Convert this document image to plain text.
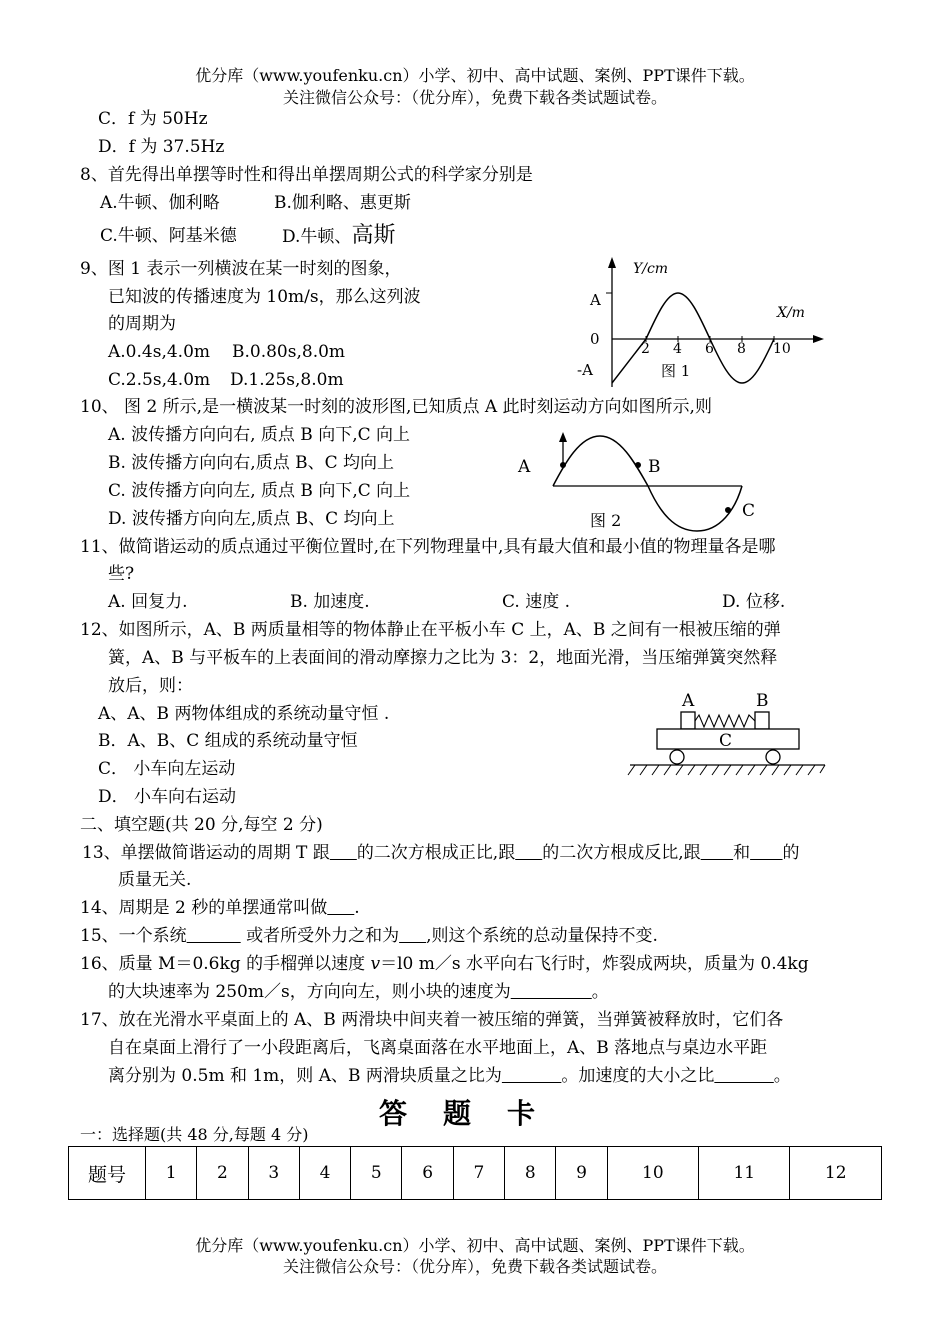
优分库（www.youfenku.cn）小学、初中、高中试题、案例、PPT课件下载。
关注微信公众号：（优分库），免费下载各类试题试卷。
C．f 为 50Hz
D．f 为 37.5Hz
8、首先得出单摆等时性和得出单摆周期公式的科学家分别是
A.牛顿、伽利略	B.伽利略、惠更斯
C.牛顿、阿基米德	D.牛顿、高斯
9、图 1 表示一列横波在某一时刻的图象，
已知波的传播速度为 10m/s，那么这列波
的周期为
A.0.4s,4.0m B.0.80s,8.0m
C.2.5s,4.0m D.1.25s,8.0m
Y/cm
X/m
A
0
-A
2 4 6 8 10
图 1
10、 图 2 所示,是一横波某一时刻的波形图,已知质点 A 此时刻运动方向如图所示,则
A. 波传播方向向右, 质点 B 向下,C 向上
B. 波传播方向向右,质点 B、C 均向上
C. 波传播方向向左, 质点 B 向下,C 向上
D. 波传播方向向左,质点 B、C 均向上
A	B
C
图 2
11、做简谐运动的质点通过平衡位置时,在下列物理量中,具有最大值和最小值的物理量各是哪
些?
A. 回复力.	B. 加速度.	C. 速度 .	D. 位移.
12、如图所示，A、B 两质量相等的物体静止在平板小车 C 上，A、B 之间有一根被压缩的弹
簧，A、B 与平板车的上表面间的滑动摩擦力之比为 3：2，地面光滑，当压缩弹簧突然释
放后，则：
A、A、B 两物体组成的系统动量守恒 .
B．A、B、C 组成的系统动量守恒
C． 小车向左运动
D． 小车向右运动
A	B
C
二、填空题(共 20 分,每空 2 分)
13、单摆做简谐运动的周期 T 跟 的二次方根成正比,跟 的二次方根成反比,跟 和 的
质量无关.
14、周期是 2 秒的单摆通常叫做 .
15、一个系统	或者所受外力之和为 ,则这个系统的总动量保持不变.
16、质量 M＝0.6kg 的手榴弹以速度 v＝l0 m／s 水平向右飞行时，炸裂成两块，质量为 0.4kg
的大块速率为 250m／s，方向向左，则小块的速度为	。
17、放在光滑水平桌面上的 A、B 两滑块中间夹着一被压缩的弹簧，当弹簧被释放时，它们各
自在桌面上滑行了一小段距离后，飞离桌面落在水平地面上，A、B 落地点与桌边水平距
离分别为 0.5m 和 1m，则 A、B 两滑块质量之比为	。加速度的大小之比	。
答题卡
一：选择题(共 48 分,每题 4 分)
题号	1	2	3	4	5	6	7	8	9	10	11	12
优分库（www.youfenku.cn）小学、初中、高中试题、案例、PPT课件下载。
关注微信公众号：（优分库），免费下载各类试题试卷。
